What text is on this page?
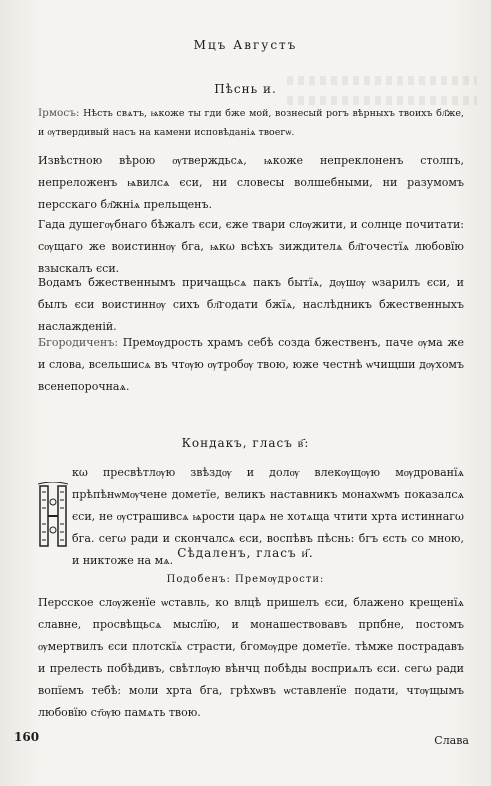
Мцъ Августъ
Пѣснь и.
Ірмосъ: Нѣсть свѧтъ, ѩкоже ты гди бже мой, вознесый рогъ вѣрныхъ твоихъ бл҃же, и ѹтвердивый насъ на камени исповѣданіѧ твоегѡ.
Извѣстною вѣрою ѹтверждьсѧ, ѩкоже непреклоненъ столпъ, непреложенъ ѩвилсѧ єси, ни словесы волшебными, ни разумомъ персскаго бл҃жніѧ прельщенъ.
Гада душегѹбнаго бѣжалъ єси, єже твари слѹжити, и солнце почитати: сѹщаго же воистиннѹ бга, ѩкω всѣхъ зиждителѧ бл҃гочестїѧ любовїю взыскалъ єси.
Водамъ бжественнымъ причащьсѧ пакъ бытїѧ, дѹшѹ ѡзарилъ єси, и былъ єси воистиннѹ сихъ бл҃годати бжїѧ, наслѣдникъ бжественныхъ наслажденій.
Бгородиченъ: Премѹдрость храмъ себѣ созда бжественъ, паче ѹма же и слова, всельшисѧ въ чтѹю ѹтробѹ твою, юже честнѣ ѡчищши дѹхомъ всенепорочнаѧ.
Кондакъ, гласъ в҃:
кω пресвѣтлѹю звѣздѹ и долѹ влекѹщѹю мѹдрованїѧ прѣпѣнѡмѹчене дометїе, великъ наставникъ монахѡмъ показалсѧ єси, не ѹстрашивсѧ ѩрости царѧ не хотѧща чтити хрта истиннагω бга. сегω ради и скончалсѧ єси, воспѣвъ пѣснь: бгъ єсть со мною, и никтоже на мѧ.
Сѣдаленъ, гласъ и҃.
Подобенъ: Премѹдрости:
Персское слѹженїе ѡставль, ко влцѣ пришелъ єси, блажено крещенїѧ славне, просвѣщьсѧ мыслїю, и монашествовавъ прпбне, постомъ ѹмертвилъ єси плотскїѧ страсти, бгомѹдре дометїе. тѣмже пострадавъ и прелесть побѣдивъ, свѣтлѹю вѣнчц побѣды восприѧлъ єси. сегω ради вопїемъ тебѣ: моли хрта бга, грѣхѡвъ ѡставленїе подати, чтѹщымъ любовїю ст҃ѹю памѧть твою.
160	Слава
